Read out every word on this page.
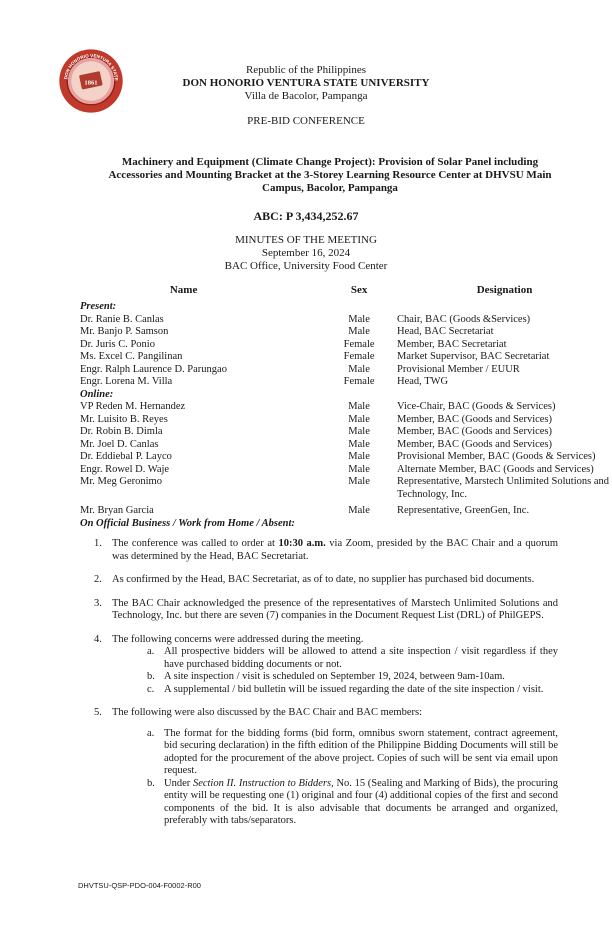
1861
DON HONORIO VENTURA STATE
Republic of the Philippines
DON HONORIO VENTURA STATE UNIVERSITY
Villa de Bacolor, Pampanga
PRE-BID CONFERENCE
Machinery and Equipment (Climate Change Project): Provision of Solar Panel including Accessories and Mounting Bracket at the 3-Storey Learning Resource Center at DHVSU Main Campus, Bacolor, Pampanga
ABC: P 3,434,252.67
MINUTES OF THE MEETING
September 16, 2024
BAC Office, University Food Center
Name	Sex	Designation
Present:		
Dr. Ranie B. Canlas	Male	Chair, BAC (Goods &Services)
Mr. Banjo P. Samson	Male	Head, BAC Secretariat
Dr. Juris C. Ponio	Female	Member, BAC Secretariat
Ms. Excel C. Pangilinan	Female	Market Supervisor, BAC Secretariat
Engr. Ralph Laurence D. Parungao	Male	Provisional Member / EUUR
Engr. Lorena M. Villa	Female	Head, TWG
Online:		
VP Reden M. Hernandez	Male	Vice-Chair, BAC (Goods & Services)
Mr. Luisito B. Reyes	Male	Member, BAC (Goods and Services)
Dr. Robin B. Dimla	Male	Member, BAC (Goods and Services)
Mr. Joel D. Canlas	Male	Member, BAC (Goods and Services)
Dr. Eddiebal P. Layco	Male	Provisional Member, BAC (Goods & Services)
Engr. Rowel D. Waje	Male	Alternate Member, BAC (Goods and Services)
Mr. Meg Geronimo	Male	Representative, Marstech Unlimited Solutions and Technology, Inc.

Mr. Bryan Garcia	Male	Representative, GreenGen, Inc.
On Official Business / Work from Home / Absent:		
1. The conference was called to order at 10:30 a.m. via Zoom, presided by the BAC Chair and a quorum was determined by the Head, BAC Secretariat.
2. As confirmed by the Head, BAC Secretariat, as of to date, no supplier has purchased bid documents.
3. The BAC Chair acknowledged the presence of the representatives of Marstech Unlimited Solutions and Technology, Inc. but there are seven (7) companies in the Document Request List (DRL) of PhilGEPS.
4. The following concerns were addressed during the meeting.
a. All prospective bidders will be allowed to attend a site inspection / visit regardless if they have purchased bidding documents or not.
b. A site inspection / visit is scheduled on September 19, 2024, between 9am-10am.
c. A supplemental / bid bulletin will be issued regarding the date of the site inspection / visit.
5. The following were also discussed by the BAC Chair and BAC members:
a. The format for the bidding forms (bid form, omnibus sworn statement, contract agreement, bid securing declaration) in the fifth edition of the Philippine Bidding Documents will still be adopted for the procurement of the above project. Copies of such will be sent via email upon request.
b. Under Section II. Instruction to Bidders, No. 15 (Sealing and Marking of Bids), the procuring entity will be requesting one (1) original and four (4) additional copies of the first and second components of the bid. It is also advisable that documents be arranged and organized, preferably with tabs/separators.
DHVTSU-QSP-PDO-004-F0002-R00
